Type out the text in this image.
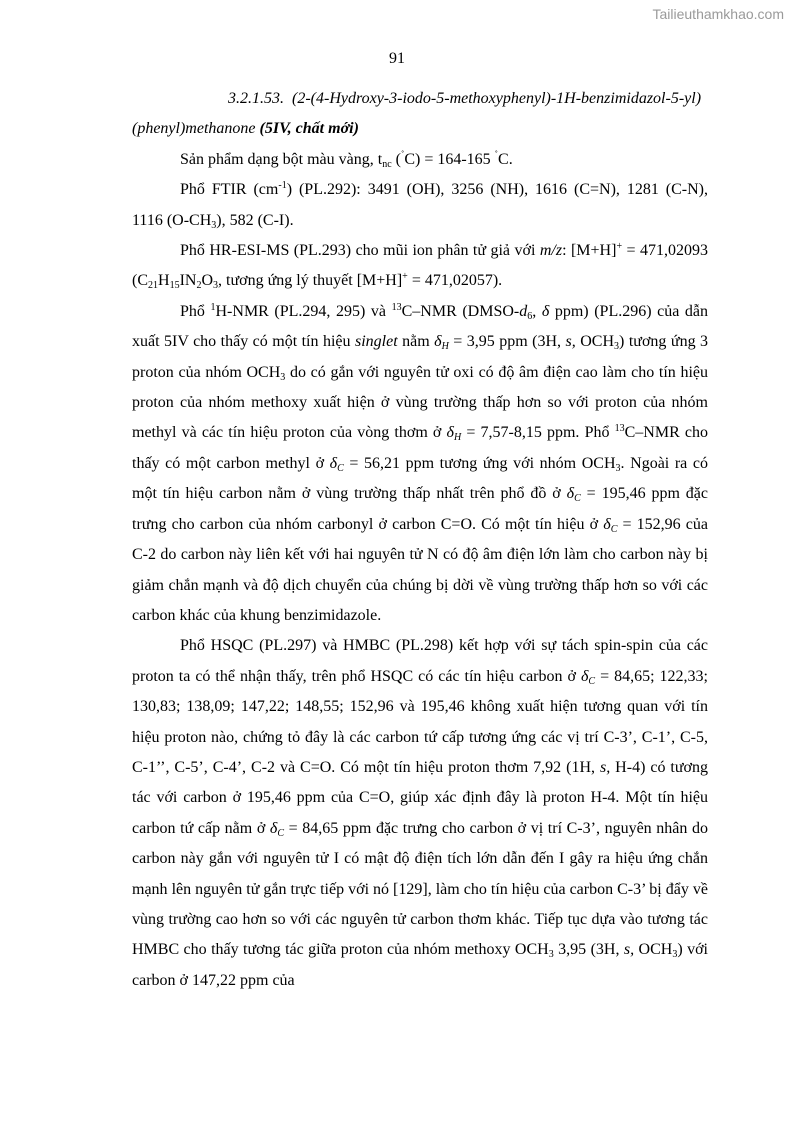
Tailieuthamkhao.com
91

3.2.1.53. (2-(4-Hydroxy-3-iodo-5-methoxyphenyl)-1H-benzimidazol-5-yl)(phenyl)methanone (5IV, chất mới)

Sản phẩm dạng bột màu vàng, $t_{nc}$ (˚C) = 164-165 ˚C.

Phổ FTIR $(cm^{-1})$ (PL.292): 3491 (OH), 3256 (NH), 1616 (C=N), 1281 (C-N), 1116 $(O-CH_3)$, 582 (C-I).

Phổ HR-ESI-MS (PL.293) cho mũi ion phân tử giả với m/z: [M+H]+ = 471,02093 ($C_{21}H_{15}IN_2O_3$, tương ứng lý thuyết [M+H]+ = 471,02057).

Phổ $^1$H-NMR (PL.294, 295) và $^{13}$C–NMR ($DMSO-d_6$, δ ppm) (PL.296) của dẫn xuất 5IV cho thấy có một tín hiệu singlet nằm $\delta_H = 3,95$ ppm (3H, s, $OCH_3$) tương ứng 3 proton của nhóm $OCH_3$ do có gắn với nguyên tử oxi có độ âm điện cao làm cho tín hiệu proton của nhóm methoxy xuất hiện ở vùng trường thấp hơn so với proton của nhóm methyl và các tín hiệu proton của vòng thơm ở $\delta_H = 7,57-8,15$ ppm. Phổ $^{13}$C–NMR cho thấy có một carbon methyl ở $\delta_C = 56,21$ ppm tương ứng với nhóm $OCH_3$. Ngoài ra có một tín hiệu carbon nằm ở vùng trường thấp nhất trên phổ đồ ở $\delta_C = 195,46$ ppm đặc trưng cho carbon của nhóm carbonyl ở carbon C=O. Có một tín hiệu ở $\delta_C = 152,96$ của C-2 do carbon này liên kết với hai nguyên tử N có độ âm điện lớn làm cho carbon này bị giảm chắn mạnh và độ dịch chuyển của chúng bị dời về vùng trường thấp hơn so với các carbon khác của khung benzimidazole.

Phổ HSQC (PL.297) và HMBC (PL.298) kết hợp với sự tách spin-spin của các proton ta có thể nhận thấy, trên phổ HSQC có các tín hiệu carbon ở $\delta_C = 84,65$; 122,33; 130,83; 138,09; 147,22; 148,55; 152,96 và 195,46 không xuất hiện tương quan với tín hiệu proton nào, chứng tỏ đây là các carbon tứ cấp tương ứng các vị trí C-3’, C-1’, C-5, C-1’’, C-5’, C-4’, C-2 và C=O. Có một tín hiệu proton thơm 7,92 (1H, s, H-4) có tương tác với carbon ở 195,46 ppm của C=O, giúp xác định đây là proton H-4. Một tín hiệu carbon tứ cấp nằm ở $\delta_C = 84,65$ ppm đặc trưng cho carbon ở vị trí C-3’, nguyên nhân do carbon này gắn với nguyên tử I có mật độ điện tích lớn dẫn đến I gây ra hiệu ứng chắn mạnh lên nguyên tử gắn trực tiếp với nó [129], làm cho tín hiệu của carbon C-3’ bị đẩy về vùng trường cao hơn so với các nguyên tử carbon thơm khác. Tiếp tục dựa vào tương tác HMBC cho thấy tương tác giữa proton của nhóm methoxy $OCH_3$ 3,95 (3H, s, $OCH_3$) với carbon ở 147,22 ppm của
